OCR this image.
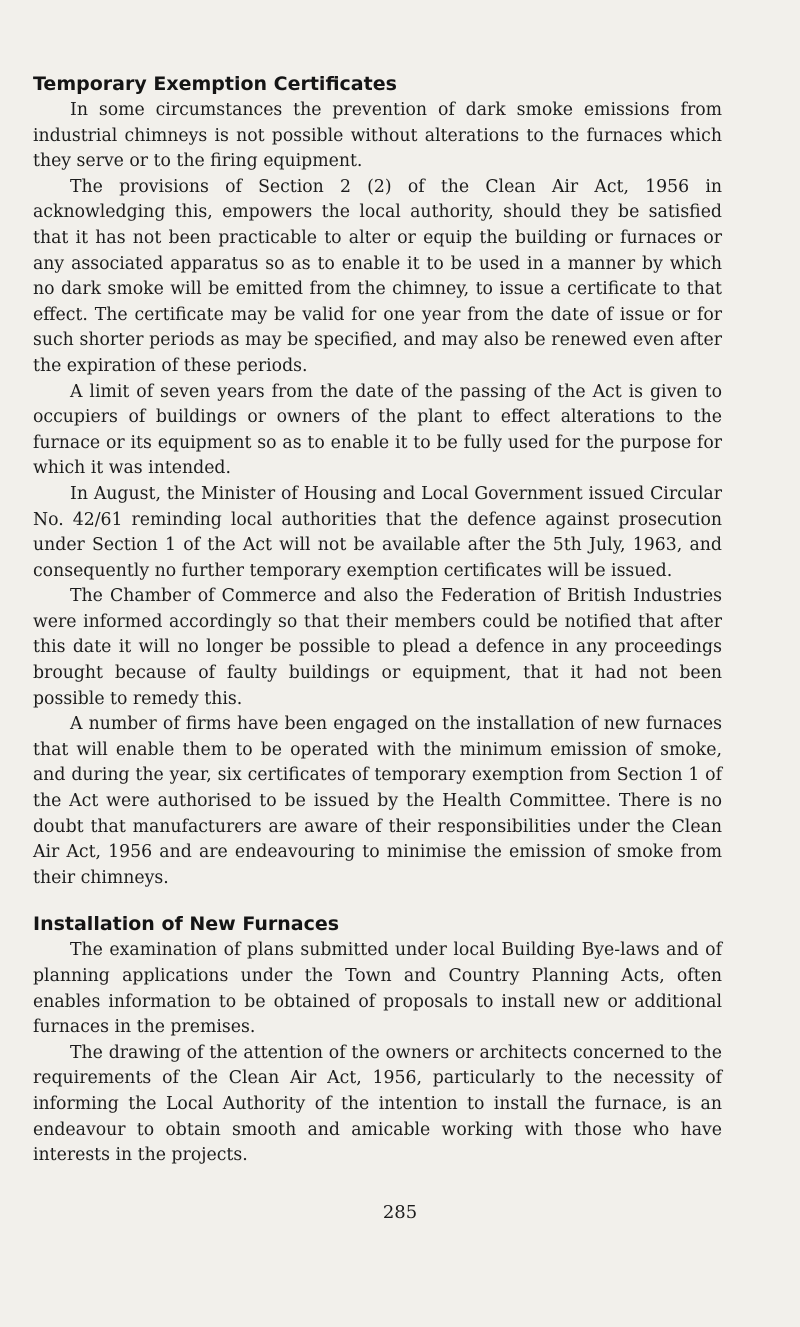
Temporary Exemption Certificates

In some circumstances the prevention of dark smoke emissions from industrial chimneys is not possible without alterations to the furnaces which they serve or to the firing equipment.

The provisions of Section 2 (2) of the Clean Air Act, 1956 in acknowledging this, empowers the local authority, should they be satisfied that it has not been practicable to alter or equip the building or furnaces or any associated apparatus so as to enable it to be used in a manner by which no dark smoke will be emitted from the chimney, to issue a certificate to that effect. The certificate may be valid for one year from the date of issue or for such shorter periods as may be specified, and may also be renewed even after the expiration of these periods.

A limit of seven years from the date of the passing of the Act is given to occupiers of buildings or owners of the plant to effect alterations to the furnace or its equipment so as to enable it to be fully used for the purpose for which it was intended.

In August, the Minister of Housing and Local Government issued Circular No. 42/61 reminding local authorities that the defence against prosecution under Section 1 of the Act will not be available after the 5th July, 1963, and consequently no further temporary exemption certificates will be issued.

The Chamber of Commerce and also the Federation of British Industries were informed accordingly so that their members could be notified that after this date it will no longer be possible to plead a defence in any proceedings brought because of faulty buildings or equipment, that it had not been possible to remedy this.

A number of firms have been engaged on the installation of new furnaces that will enable them to be operated with the minimum emission of smoke, and during the year, six certificates of temporary exemption from Section 1 of the Act were authorised to be issued by the Health Committee. There is no doubt that manufacturers are aware of their responsibilities under the Clean Air Act, 1956 and are endeavouring to minimise the emission of smoke from their chimneys.

Installation of New Furnaces

The examination of plans submitted under local Building Bye-laws and of planning applications under the Town and Country Planning Acts, often enables information to be obtained of proposals to install new or additional furnaces in the premises.

The drawing of the attention of the owners or architects concerned to the requirements of the Clean Air Act, 1956, particularly to the necessity of informing the Local Authority of the intention to install the furnace, is an endeavour to obtain smooth and amicable working with those who have interests in the projects.

285
